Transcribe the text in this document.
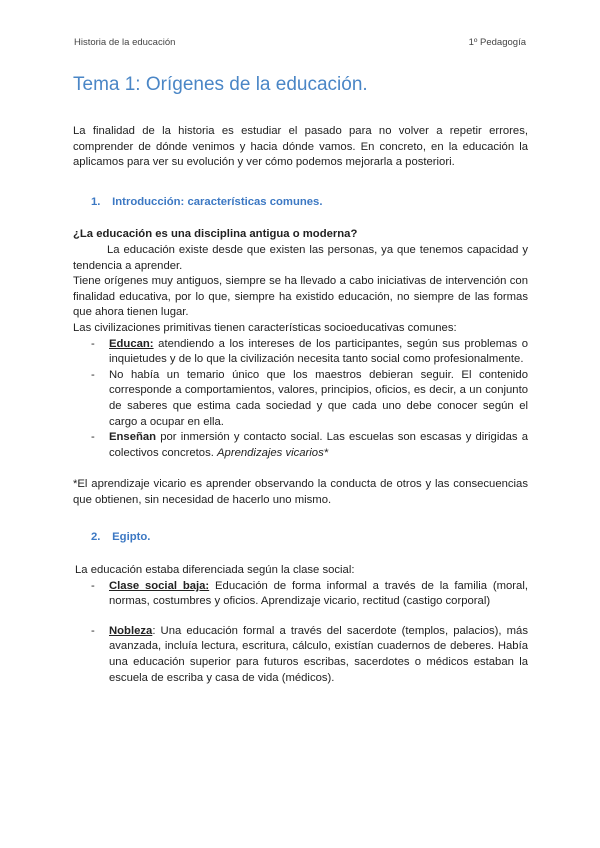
Historia de la educación	1º Pedagogía
Tema 1: Orígenes de la educación.

La finalidad de la historia es estudiar el pasado para no volver a repetir errores, comprender de dónde venimos y hacia dónde vamos. En concreto, en la educación la aplicamos para ver su evolución y ver cómo podemos mejorarla a posteriori.

1. Introducción: características comunes.

¿La educación es una disciplina antigua o moderna?

La educación existe desde que existen las personas, ya que tenemos capacidad y tendencia a aprender.

Tiene orígenes muy antiguos, siempre se ha llevado a cabo iniciativas de intervención con finalidad educativa, por lo que, siempre ha existido educación, no siempre de las formas que ahora tienen lugar.

Las civilizaciones primitivas tienen características socioeducativas comunes:

- Educan: atendiendo a los intereses de los participantes, según sus problemas o inquietudes y de lo que la civilización necesita tanto social como profesionalmente.
- No había un temario único que los maestros debieran seguir. El contenido corresponde a comportamientos, valores, principios, oficios, es decir, a un conjunto de saberes que estima cada sociedad y que cada uno debe conocer según el cargo a ocupar en ella.
- Enseñan por inmersión y contacto social. Las escuelas son escasas y dirigidas a colectivos concretos. Aprendizajes vicarios*

*El aprendizaje vicario es aprender observando la conducta de otros y las consecuencias que obtienen, sin necesidad de hacerlo uno mismo.

2. Egipto.

La educación estaba diferenciada según la clase social:

- Clase social baja: Educación de forma informal a través de la familia (moral, normas, costumbres y oficios. Aprendizaje vicario, rectitud (castigo corporal)
- Nobleza: Una educación formal a través del sacerdote (templos, palacios), más avanzada, incluía lectura, escritura, cálculo, existían cuadernos de deberes. Había una educación superior para futuros escribas, sacerdotes o médicos estaban la escuela de escriba y casa de vida (médicos).
